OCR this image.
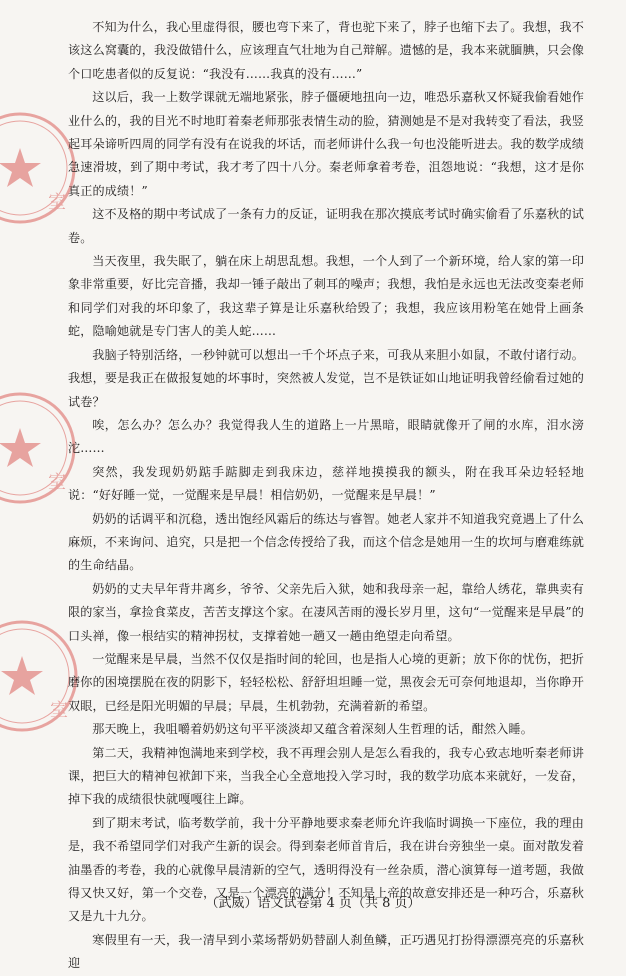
室
室
室

不知为什么，我心里虚得很，腰也弯下来了，背也驼下来了，脖子也缩下去了。我想，我不该这么窝囊的，我没做错什么，应该理直气壮地为自己辩解。遗憾的是，我本来就腼腆，只会像个口吃患者似的反复说：“我没有……我真的没有……”

这以后，我一上数学课就无端地紧张，脖子僵硬地扭向一边，唯恐乐嘉秋又怀疑我偷看她作业什么的，我的目光不时地盯着秦老师那张表情生动的脸，猜测她是不是对我转变了看法，我竖起耳朵谛听四周的同学有没有在说我的坏话，而老师讲什么我一句也没能听进去。我的数学成绩急速滑坡，到了期中考试，我才考了四十八分。秦老师拿着考卷，沮怨地说：“我想，这才是你真正的成绩！”

这不及格的期中考试成了一条有力的反证，证明我在那次摸底考试时确实偷看了乐嘉秋的试卷。

当天夜里，我失眠了，躺在床上胡思乱想。我想，一个人到了一个新环境，给人家的第一印象非常重要，好比完音播，我却一锤子敲出了刺耳的噪声；我想，我怕是永远也无法改变秦老师和同学们对我的坏印象了，我这辈子算是让乐嘉秋给毁了；我想，我应该用粉笔在她骨上画条蛇，隐喻她就是专门害人的美人蛇……

我脑子特别活络，一秒钟就可以想出一千个坏点子来，可我从来胆小如鼠，不敢付诸行动。我想，要是我正在做报复她的坏事时，突然被人发觉，岂不是铁证如山地证明我曾经偷看过她的试卷？

唉，怎么办？怎么办？我觉得我人生的道路上一片黑暗，眼睛就像开了闸的水库，泪水滂沱……

突然，我发现奶奶踮手踮脚走到我床边，慈祥地摸摸我的额头，附在我耳朵边轻轻地说：“好好睡一觉，一觉醒来是早晨！相信奶奶，一觉醒来是早晨！”

奶奶的话调平和沉稳，透出饱经风霜后的练达与睿智。她老人家并不知道我究竟遇上了什么麻烦，不来询问、追究，只是把一个信念传授给了我，而这个信念是她用一生的坎坷与磨难练就的生命结晶。

奶奶的丈夫早年背井离乡，爷爷、父亲先后入狱，她和我母亲一起，靠给人绣花，靠典卖有限的家当，拿捡食菜皮，苦苦支撑这个家。在凄风苦雨的漫长岁月里，这句“一觉醒来是早晨”的口头禅，像一根结实的精神拐杖，支撑着她一趟又一趟由绝望走向希望。

一觉醒来是早晨，当然不仅仅是指时间的轮回，也是指人心境的更新；放下你的忧伤，把折磨你的困境摆脱在夜的阴影下，轻轻松松、舒舒坦坦睡一觉，黑夜会无可奈何地退却，当你睁开双眼，已经是阳光明媚的早晨；早晨，生机勃勃，充满着新的希望。

那天晚上，我咀嚼着奶奶这句平平淡淡却又蕴含着深刻人生哲理的话，酣然入睡。

第二天，我精神饱满地来到学校，我不再理会别人是怎么看我的，我专心致志地听秦老师讲课，把巨大的精神包袱卸下来，当我全心全意地投入学习时，我的数学功底本来就好，一发奋，掉下我的成绩很快就嘎嘎往上蹿。

到了期末考试，临考数学前，我十分平静地要求秦老师允许我临时调换一下座位，我的理由是，我不希望同学们对我产生新的误会。得到秦老师首肯后，我在讲台旁独坐一桌。面对散发着油墨香的考卷，我的心就像早晨清新的空气，透明得没有一丝杂质，潜心演算每一道考题，我做得又快又好，第一个交卷，又是一个漂亮的满分！不知是上帝的故意安排还是一种巧合，乐嘉秋又是九十九分。

寒假里有一天，我一清早到小菜场帮奶奶替副人刹鱼鳞，正巧遇见打扮得漂漂亮亮的乐嘉秋迎

（武威）语文试卷第 4 页（共 8 页）
